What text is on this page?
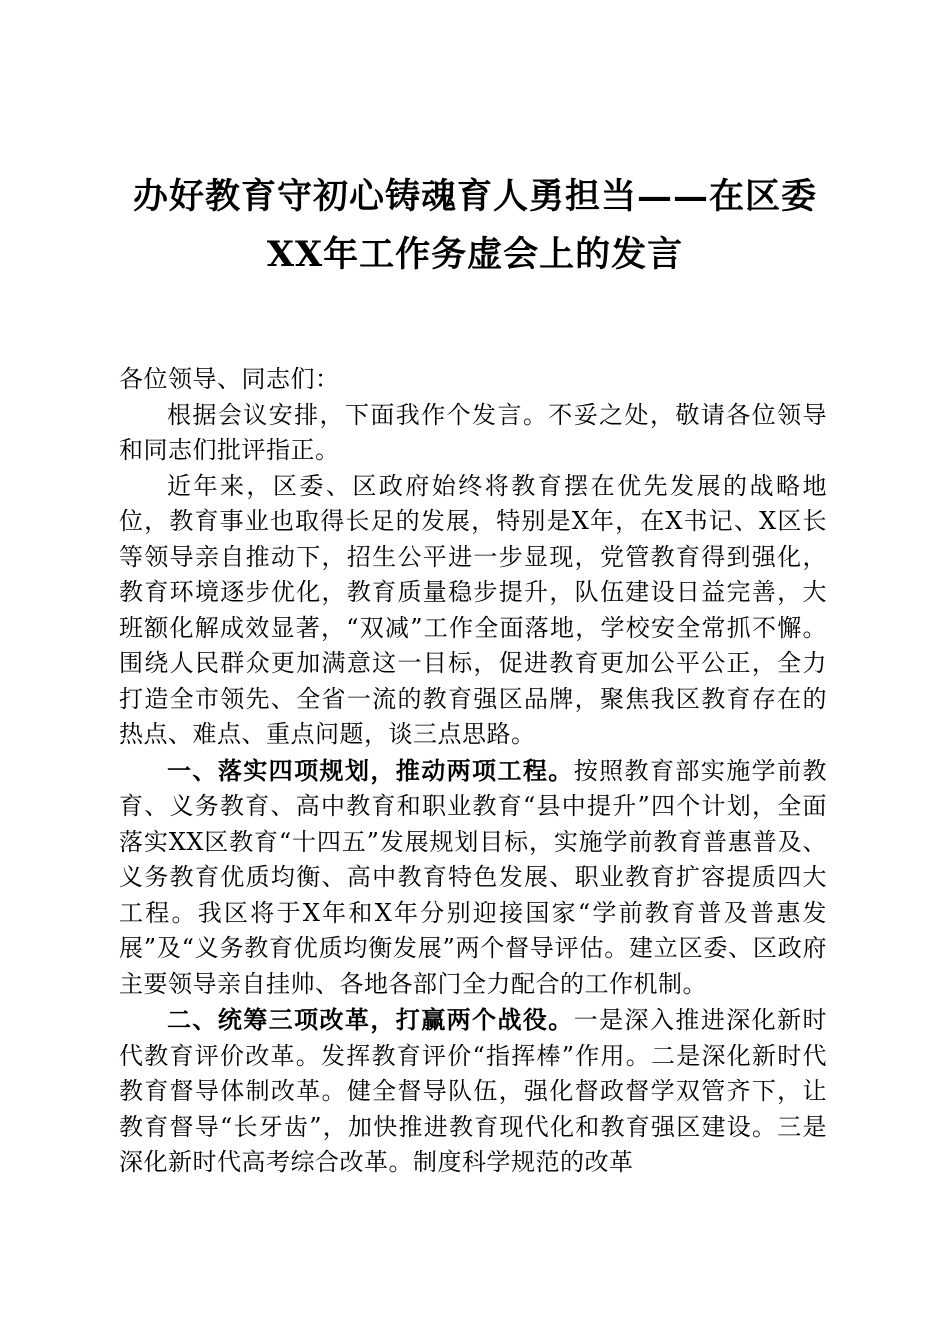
办好教育守初心铸魂育人勇担当——在区委
XX年工作务虚会上的发言

各位领导、同志们：

根据会议安排，下面我作个发言。不妥之处，敬请各位领导和同志们批评指正。

近年来，区委、区政府始终将教育摆在优先发展的战略地位，教育事业也取得长足的发展，特别是X年，在X书记、X区长等领导亲自推动下，招生公平进一步显现，党管教育得到强化，教育环境逐步优化，教育质量稳步提升，队伍建设日益完善，大班额化解成效显著，“双减”工作全面落地，学校安全常抓不懈。围绕人民群众更加满意这一目标，促进教育更加公平公正，全力打造全市领先、全省一流的教育强区品牌，聚焦我区教育存在的热点、难点、重点问题，谈三点思路。

一、落实四项规划，推动两项工程。按照教育部实施学前教育、义务教育、高中教育和职业教育“县中提升”四个计划，全面落实XX区教育“十四五”发展规划目标，实施学前教育普惠普及、义务教育优质均衡、高中教育特色发展、职业教育扩容提质四大工程。我区将于X年和X年分别迎接国家“学前教育普及普惠发展”及“义务教育优质均衡发展”两个督导评估。建立区委、区政府主要领导亲自挂帅、各地各部门全力配合的工作机制。

二、统筹三项改革，打赢两个战役。一是深入推进深化新时代教育评价改革。发挥教育评价“指挥棒”作用。二是深化新时代教育督导体制改革。健全督导队伍，强化督政督学双管齐下，让教育督导“长牙齿”，加快推进教育现代化和教育强区建设。三是深化新时代高考综合改革。制度科学规范的改革
